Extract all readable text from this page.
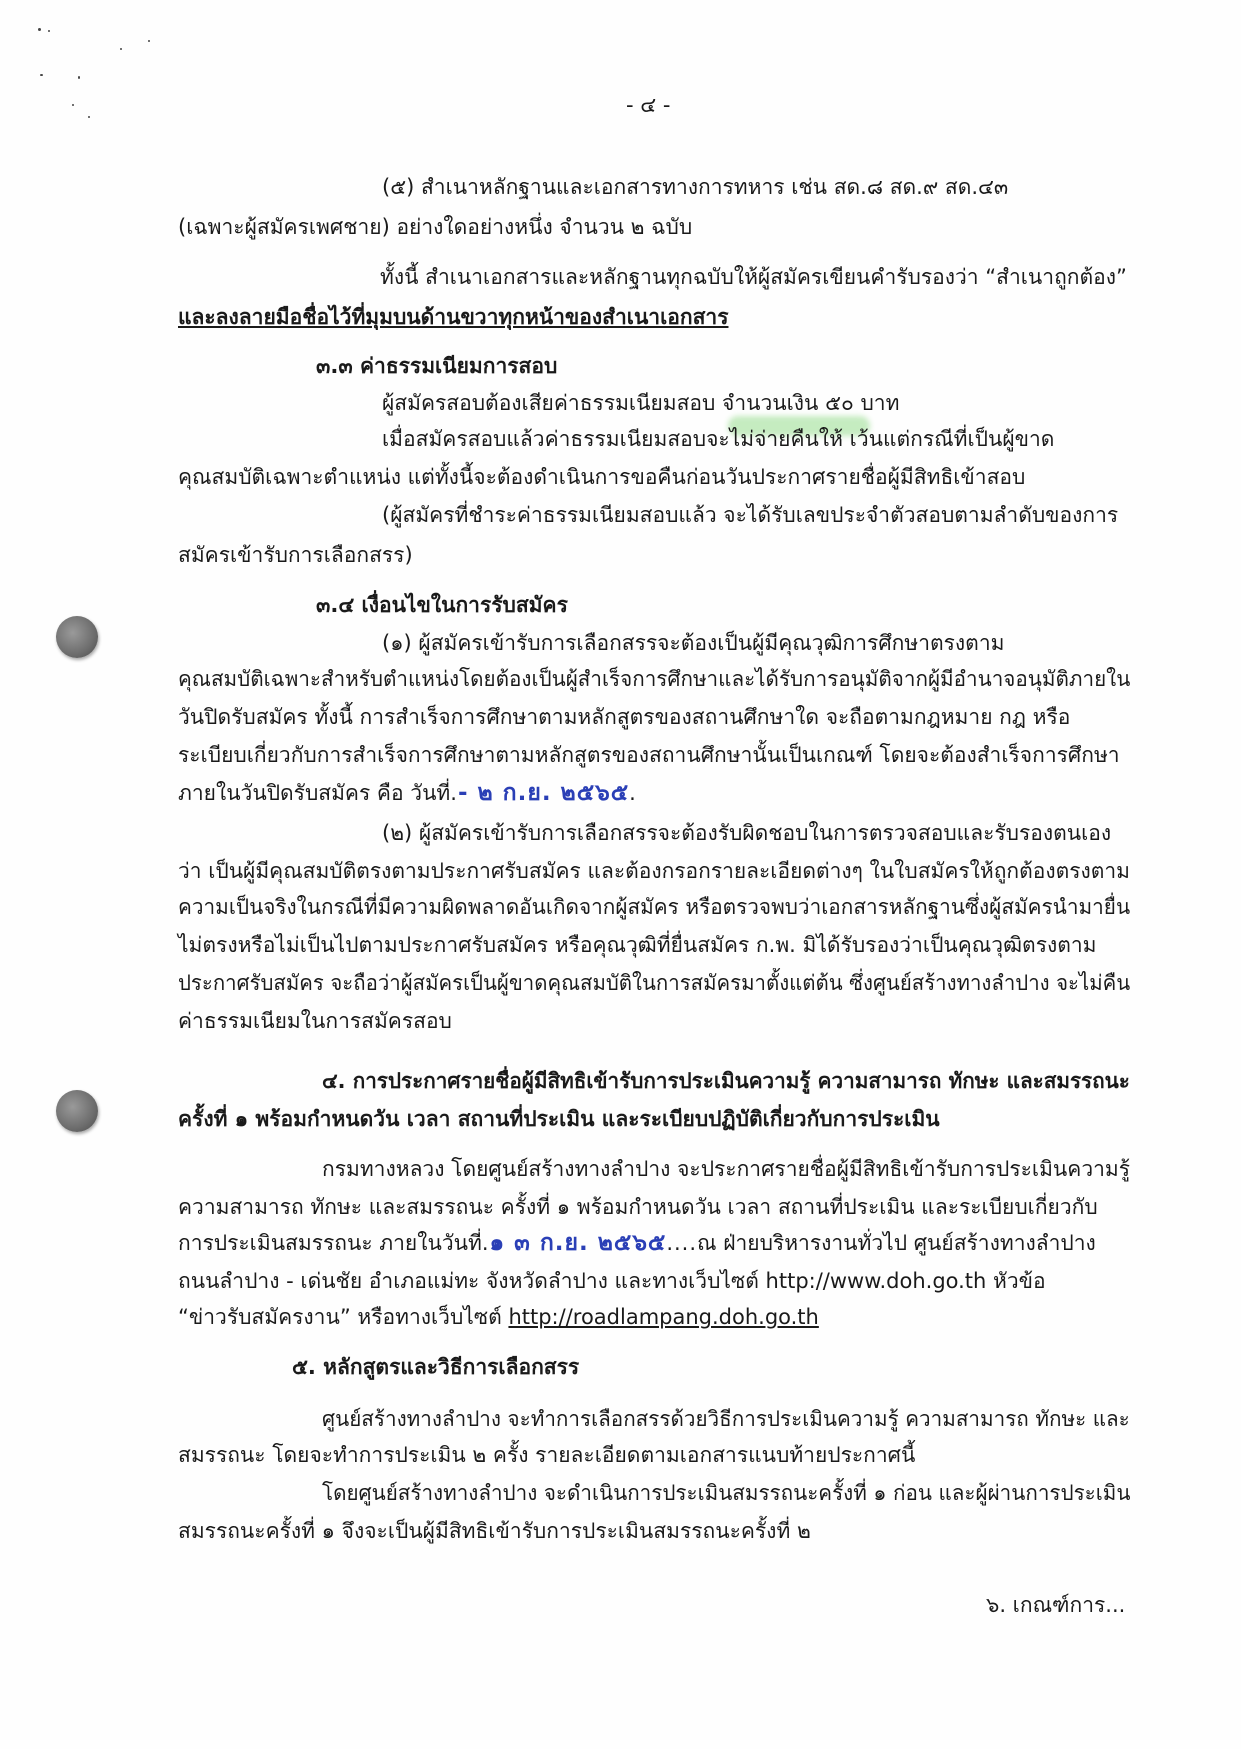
- ๔ -
(๕) สำเนาหลักฐานและเอกสารทางการทหาร เช่น สด.๘ สด.๙ สด.๔๓
(เฉพาะผู้สมัครเพศชาย) อย่างใดอย่างหนึ่ง จำนวน ๒ ฉบับ
ทั้งนี้ สำเนาเอกสารและหลักฐานทุกฉบับให้ผู้สมัครเขียนคำรับรองว่า “สำเนาถูกต้อง”
และลงลายมือชื่อไว้ที่มุมบนด้านขวาทุกหน้าของสำเนาเอกสาร
๓.๓ ค่าธรรมเนียมการสอบ
ผู้สมัครสอบต้องเสียค่าธรรมเนียมสอบ จำนวนเงิน ๕๐ บาท
เมื่อสมัครสอบแล้วค่าธรรมเนียมสอบจะไม่จ่ายคืนให้ เว้นแต่กรณีที่เป็นผู้ขาด
คุณสมบัติเฉพาะตำแหน่ง แต่ทั้งนี้จะต้องดำเนินการขอคืนก่อนวันประกาศรายชื่อผู้มีสิทธิเข้าสอบ
(ผู้สมัครที่ชำระค่าธรรมเนียมสอบแล้ว จะได้รับเลขประจำตัวสอบตามลำดับของการ
สมัครเข้ารับการเลือกสรร)
๓.๔ เงื่อนไขในการรับสมัคร
(๑) ผู้สมัครเข้ารับการเลือกสรรจะต้องเป็นผู้มีคุณวุฒิการศึกษาตรงตาม
คุณสมบัติเฉพาะสำหรับตำแหน่งโดยต้องเป็นผู้สำเร็จการศึกษาและได้รับการอนุมัติจากผู้มีอำนาจอนุมัติภายใน
วันปิดรับสมัคร ทั้งนี้ การสำเร็จการศึกษาตามหลักสูตรของสถานศึกษาใด จะถือตามกฎหมาย กฎ หรือ
ระเบียบเกี่ยวกับการสำเร็จการศึกษาตามหลักสูตรของสถานศึกษานั้นเป็นเกณฑ์ โดยจะต้องสำเร็จการศึกษา
ภายในวันปิดรับสมัคร คือ วันที่.- ๒ ก.ย. ๒๕๖๕.
(๒) ผู้สมัครเข้ารับการเลือกสรรจะต้องรับผิดชอบในการตรวจสอบและรับรองตนเอง
ว่า เป็นผู้มีคุณสมบัติตรงตามประกาศรับสมัคร และต้องกรอกรายละเอียดต่างๆ ในใบสมัครให้ถูกต้องตรงตาม
ความเป็นจริงในกรณีที่มีความผิดพลาดอันเกิดจากผู้สมัคร หรือตรวจพบว่าเอกสารหลักฐานซึ่งผู้สมัครนำมายื่น
ไม่ตรงหรือไม่เป็นไปตามประกาศรับสมัคร หรือคุณวุฒิที่ยื่นสมัคร ก.พ. มิได้รับรองว่าเป็นคุณวุฒิตรงตาม
ประกาศรับสมัคร จะถือว่าผู้สมัครเป็นผู้ขาดคุณสมบัติในการสมัครมาตั้งแต่ต้น ซึ่งศูนย์สร้างทางลำปาง จะไม่คืน
ค่าธรรมเนียมในการสมัครสอบ
๔. การประกาศรายชื่อผู้มีสิทธิเข้ารับการประเมินความรู้ ความสามารถ ทักษะ และสมรรถนะ
ครั้งที่ ๑ พร้อมกำหนดวัน เวลา สถานที่ประเมิน และระเบียบปฏิบัติเกี่ยวกับการประเมิน
กรมทางหลวง โดยศูนย์สร้างทางลำปาง จะประกาศรายชื่อผู้มีสิทธิเข้ารับการประเมินความรู้
ความสามารถ ทักษะ และสมรรถนะ ครั้งที่ ๑ พร้อมกำหนดวัน เวลา สถานที่ประเมิน และระเบียบเกี่ยวกับ
การประเมินสมรรถนะ ภายในวันที่.๑ ๓ ก.ย. ๒๕๖๕....ณ ฝ่ายบริหารงานทั่วไป ศูนย์สร้างทางลำปาง
ถนนลำปาง - เด่นชัย อำเภอแม่ทะ จังหวัดลำปาง และทางเว็บไซต์ http://www.doh.go.th หัวข้อ
“ข่าวรับสมัครงาน” หรือทางเว็บไซต์ http://roadlampang.doh.go.th
๕. หลักสูตรและวิธีการเลือกสรร
ศูนย์สร้างทางลำปาง จะทำการเลือกสรรด้วยวิธีการประเมินความรู้ ความสามารถ ทักษะ และ
สมรรถนะ โดยจะทำการประเมิน ๒ ครั้ง รายละเอียดตามเอกสารแนบท้ายประกาศนี้
โดยศูนย์สร้างทางลำปาง จะดำเนินการประเมินสมรรถนะครั้งที่ ๑ ก่อน และผู้ผ่านการประเมิน
สมรรถนะครั้งที่ ๑ จึงจะเป็นผู้มีสิทธิเข้ารับการประเมินสมรรถนะครั้งที่ ๒
๖. เกณฑ์การ...
